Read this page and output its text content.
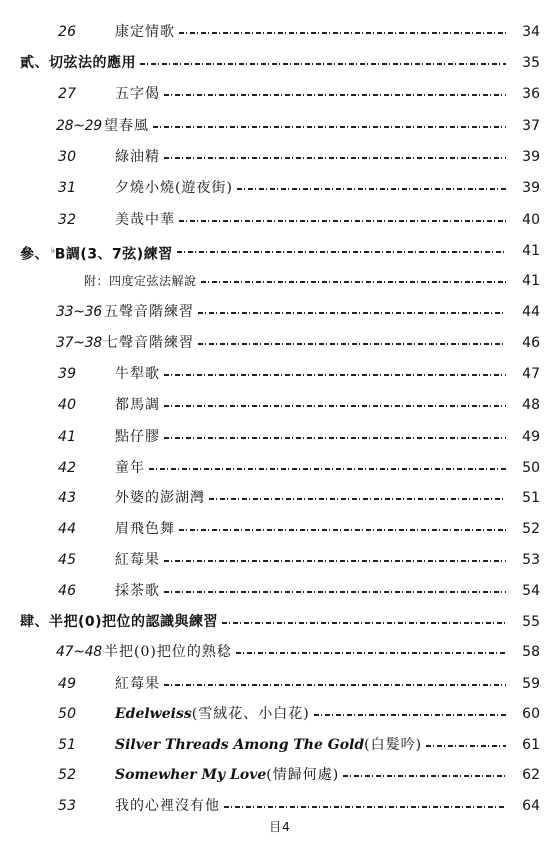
26	康定情歌	34
貳、切弦法的應用	35
27	五字偈	36
28~29 望春風	37
30	綠油精	39
31	夕燒小燒(遊夜街)	39
32	美哉中華	40
參、 ♭B調(3、7弦)練習	41
附：四度定弦法解說	41
33~36 五聲音階練習	44
37~38 七聲音階練習	46
39	牛犁歌	47
40	都馬調	48
41	點仔膠	49
42	童年	50
43	外婆的澎湖灣	51
44	眉飛色舞	52
45	紅莓果	53
46	採茶歌	54
肆、半把(0)把位的認識與練習	55
47~48 半把(0)把位的熟稔	58
49	紅莓果	59
50	Edelweiss(雪絨花、小白花)	60
51	Silver Threads Among The Gold(白髮吟)	61
52	Somewher My Love(情歸何處)	62
53	我的心裡沒有他	64
目4
